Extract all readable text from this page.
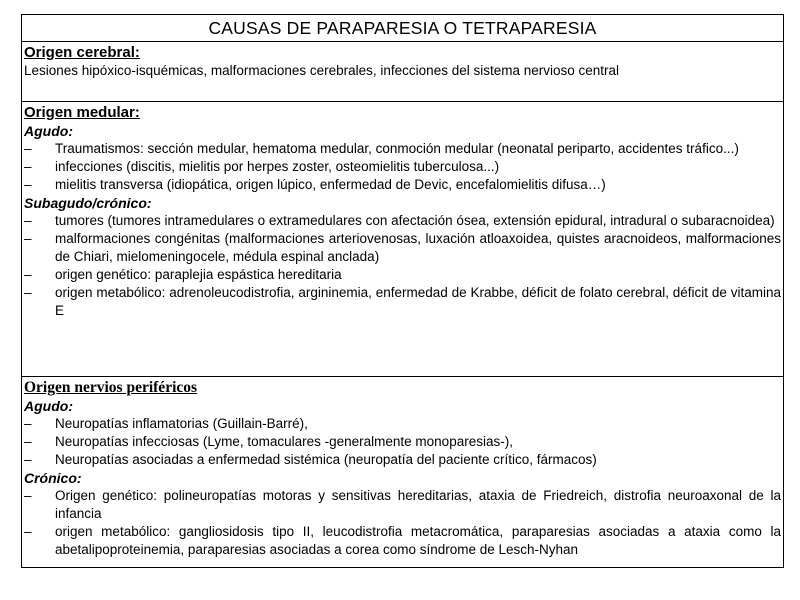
CAUSAS DE PARAPARESIA O TETRAPARESIA
Origen cerebral:
Lesiones hipóxico-isquémicas, malformaciones cerebrales, infecciones del sistema nervioso central
Origen medular:
Agudo:
–	Traumatismos: sección medular, hematoma medular, conmoción medular (neonatal periparto, accidentes tráfico...)
–	infecciones (discitis, mielitis por herpes zoster, osteomielitis tuberculosa...)
–	mielitis transversa (idiopática, origen lúpico, enfermedad de Devic, encefalomielitis difusa…)
Subagudo/crónico:
–	tumores (tumores intramedulares o extramedulares con afectación ósea, extensión epidural, intradural o subaracnoidea)
–	malformaciones congénitas (malformaciones arteriovenosas, luxación atloaxoidea, quistes aracnoideos, malformaciones de Chiari, mielomeningocele, médula espinal anclada)
–	origen genético: paraplejia espástica hereditaria
–	origen metabólico: adrenoleucodistrofia, argininemia, enfermedad de Krabbe, déficit de folato cerebral, déficit de vitamina E
Origen nervios periféricos
Agudo:
–	Neuropatías inflamatorias (Guillain-Barré),
–	Neuropatías infecciosas (Lyme, tomaculares -generalmente monoparesias-),
–	Neuropatías asociadas a enfermedad sistémica (neuropatía del paciente crítico, fármacos)
Crónico:
–	Origen genético: polineuropatías motoras y sensitivas hereditarias, ataxia de Friedreich, distrofia neuroaxonal de la infancia
–	origen metabólico: gangliosidosis tipo II, leucodistrofia metacromática, paraparesias asociadas a ataxia como la abetalipoproteinemia, paraparesias asociadas a corea como síndrome de Lesch-Nyhan
